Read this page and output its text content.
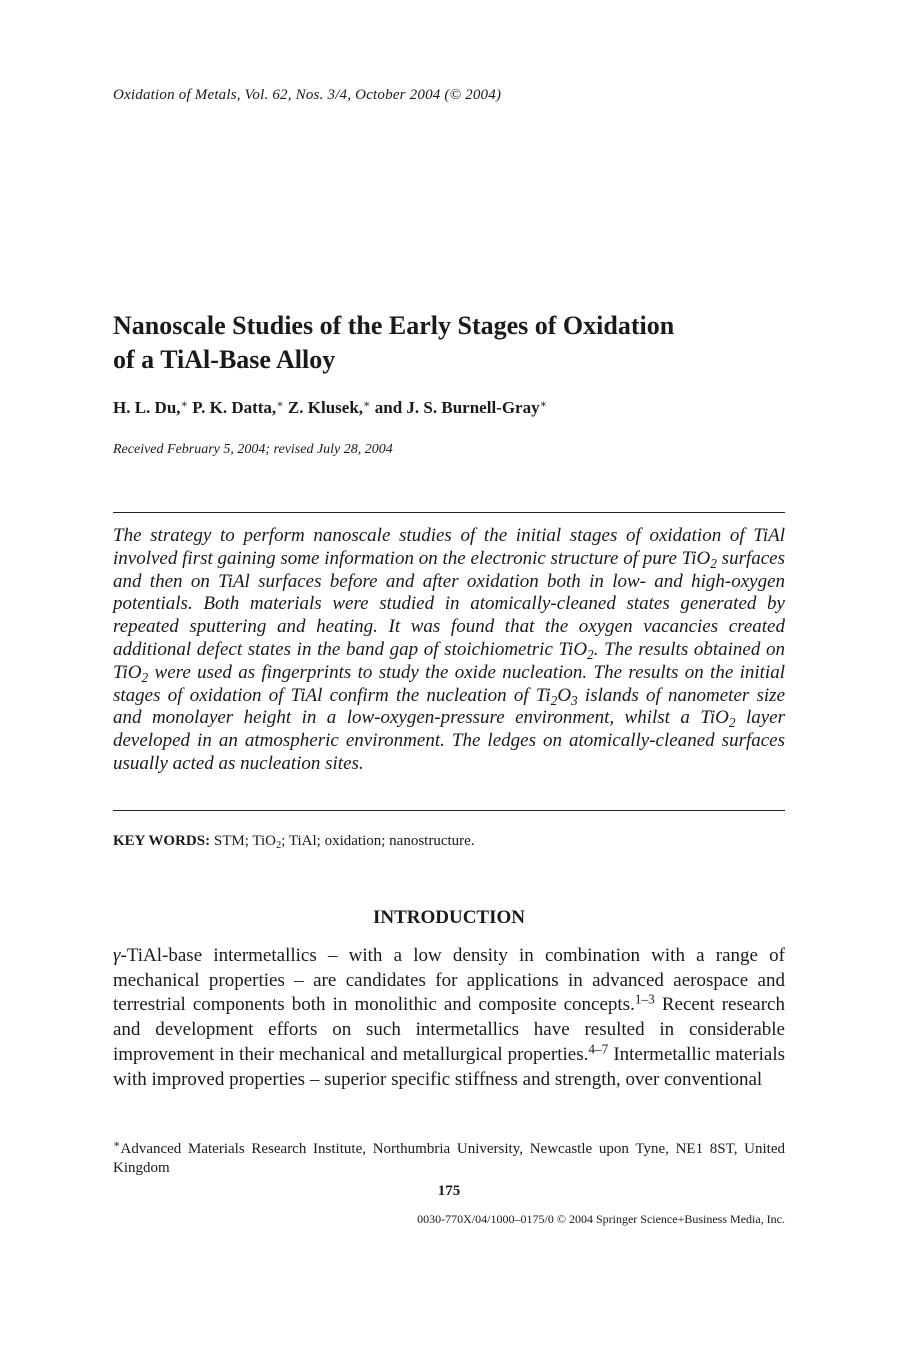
Oxidation of Metals, Vol. 62, Nos. 3/4, October 2004 (© 2004)
Nanoscale Studies of the Early Stages of Oxidation
of a TiAl-Base Alloy
H. L. Du,∗ P. K. Datta,∗ Z. Klusek,∗ and J. S. Burnell-Gray∗
Received February 5, 2004; revised July 28, 2004

The strategy to perform nanoscale studies of the initial stages of oxidation of TiAl involved first gaining some information on the electronic structure of pure TiO$_2$ surfaces and then on TiAl surfaces before and after oxidation both in low- and high-oxygen potentials. Both materials were studied in atomically-cleaned states generated by repeated sputtering and heating. It was found that the oxygen vacancies created additional defect states in the band gap of stoichiometric TiO$_2$. The results obtained on TiO$_2$ were used as fingerprints to study the oxide nucleation. The results on the initial stages of oxidation of TiAl confirm the nucleation of $Ti_2O_3$ islands of nanometer size and monolayer height in a low-oxygen-pressure environment, whilst a TiO$_2$ layer developed in an atmospheric environment. The ledges on atomically-cleaned surfaces usually acted as nucleation sites.

KEY WORDS: STM; TiO$_2$; TiAl; oxidation; nanostructure.
INTRODUCTION

γ-TiAl-base intermetallics – with a low density in combination with a range of mechanical properties – are candidates for applications in advanced aerospace and terrestrial components both in monolithic and composite concepts.$^{1-3}$ Recent research and development efforts on such intermetallics have resulted in considerable improvement in their mechanical and metallurgical properties.$^{4-7}$ Intermetallic materials with improved properties – superior specific stiffness and strength, over conventional

∗Advanced Materials Research Institute, Northumbria University, Newcastle upon Tyne, NE1 8ST, United Kingdom

175
0030-770X/04/1000–0175/0 © 2004 Springer Science+Business Media, Inc.
